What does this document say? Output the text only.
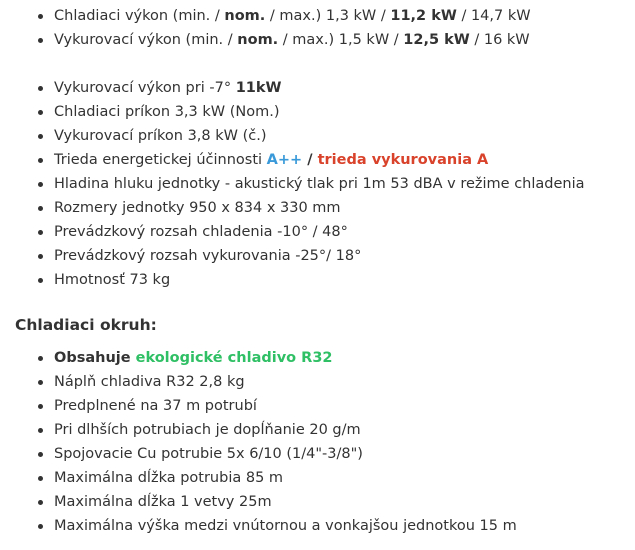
Chladiaci výkon (min. / nom. / max.) 1,3 kW / 11,2 kW / 14,7 kW
Vykurovací výkon (min. / nom. / max.) 1,5 kW / 12,5 kW / 16 kW
Vykurovací výkon pri -7° 11kW
Chladiaci príkon 3,3 kW (Nom.)
Vykurovací príkon 3,8 kW (č.)
Trieda energetickej účinnosti A++ / trieda vykurovania A
Hladina hluku jednotky - akustický tlak pri 1m 53 dBA v režime chladenia
Rozmery jednotky 950 x 834 x 330 mm
Prevádzkový rozsah chladenia -10° / 48°
Prevádzkový rozsah vykurovania -25°/ 18°
Hmotnosť 73 kg
Chladiaci okruh:
Obsahuje ekologické chladivo R32
Náplň chladiva R32 2,8 kg
Predplnené na 37 m potrubí
Pri dlhších potrubiach je dopĺňanie 20 g/m
Spojovacie Cu potrubie 5x 6/10 (1/4"-3/8")
Maximálna dĺžka potrubia 85 m
Maximálna dĺžka 1 vetvy 25m
Maximálna výška medzi vnútornou a vonkajšou jednotkou 15 m
